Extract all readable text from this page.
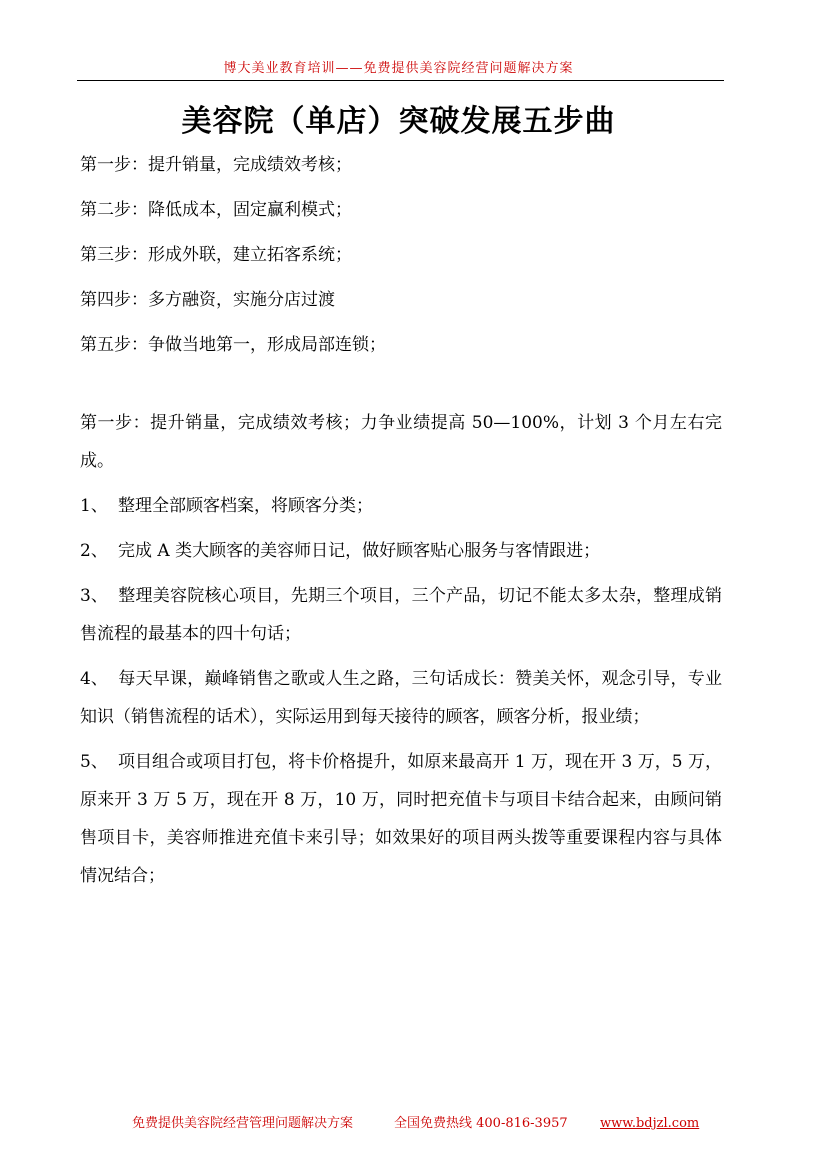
博大美业教育培训——免费提供美容院经营问题解决方案
美容院（单店）突破发展五步曲
第一步：提升销量，完成绩效考核；
第二步：降低成本，固定赢利模式；
第三步：形成外联，建立拓客系统；
第四步：多方融资，实施分店过渡
第五步：争做当地第一，形成局部连锁；
第一步：提升销量，完成绩效考核；力争业绩提高 50—100%，计划 3 个月左右完成。
1、 整理全部顾客档案，将顾客分类；
2、 完成 A 类大顾客的美容师日记，做好顾客贴心服务与客情跟进；
3、 整理美容院核心项目，先期三个项目，三个产品，切记不能太多太杂，整理成销售流程的最基本的四十句话；
4、 每天早课，巅峰销售之歌或人生之路，三句话成长：赞美关怀，观念引导，专业知识（销售流程的话术），实际运用到每天接待的顾客，顾客分析，报业绩；
5、 项目组合或项目打包，将卡价格提升，如原来最高开 1 万，现在开 3 万，5 万，原来开 3 万 5 万，现在开 8 万，10 万，同时把充值卡与项目卡结合起来，由顾问销售项目卡，美容师推进充值卡来引导；如效果好的项目两头拨等重要课程内容与具体情况结合；
免费提供美容院经营管理问题解决方案	全国免费热线 400-816-3957 www.bdjzl.com
